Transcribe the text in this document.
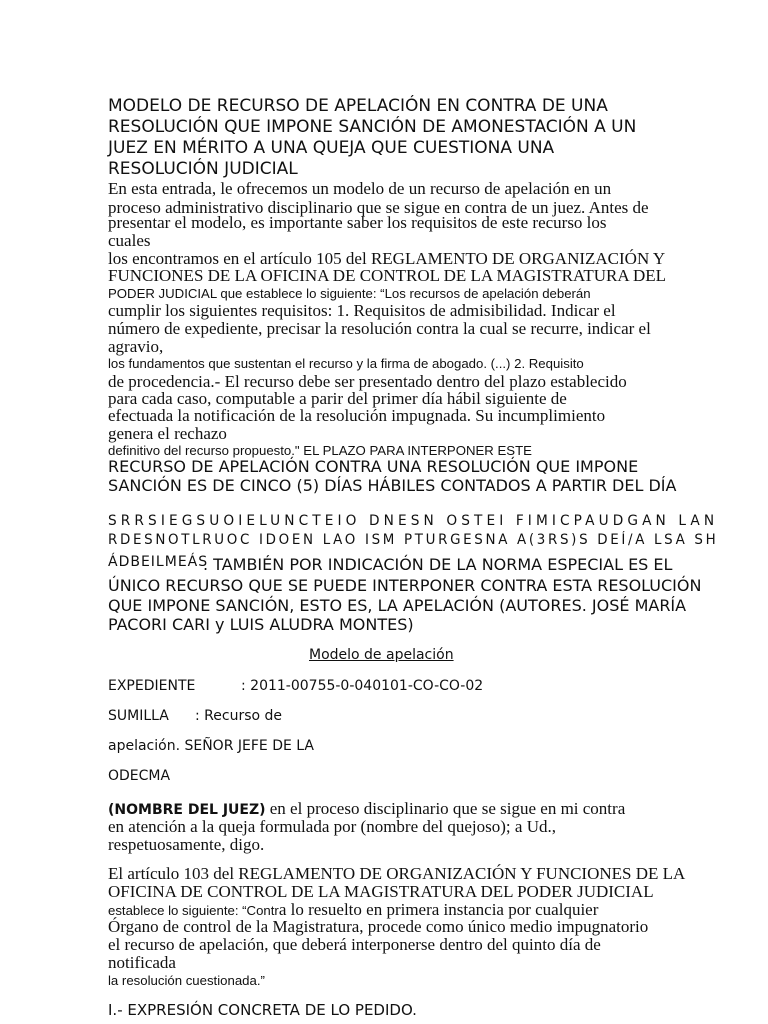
MODELO DE RECURSO DE APELACIÓN EN CONTRA DE UNA
RESOLUCIÓN QUE IMPONE SANCIÓN DE AMONESTACIÓN A UN
JUEZ EN MÉRITO A UNA QUEJA QUE CUESTIONA UNA
RESOLUCIÓN JUDICIAL
En esta entrada, le ofrecemos un modelo de un recurso de apelación en un
proceso administrativo disciplinario que se sigue en contra de un juez. Antes de
presentar el modelo, es importante saber los requisitos de este recurso los
cuales
los encontramos en el artículo 105 del REGLAMENTO DE ORGANIZACIÓN Y
FUNCIONES DE LA OFICINA DE CONTROL DE LA MAGISTRATURA DEL
PODER JUDICIAL que establece lo siguiente: “Los recursos de apelación deberán
cumplir los siguientes requisitos: 1. Requisitos de admisibilidad. Indicar el
número de expediente, precisar la resolución contra la cual se recurre, indicar el
agravio,
los fundamentos que sustentan el recurso y la firma de abogado. (...) 2. Requisito
de procedencia.- El recurso debe ser presentado dentro del plazo establecido
para cada caso, computable a parir del primer día hábil siguiente de
efectuada la notificación de la resolución impugnada. Su incumplimiento
genera el rechazo
definitivo del recurso propuesto." EL PLAZO PARA INTERPONER ESTE
RECURSO DE APELACIÓN CONTRA UNA RESOLUCIÓN QUE IMPONE
SANCIÓN ES DE CINCO (5) DÍAS HÁBILES CONTADOS A PARTIR DEL DÍA
SRRSIEGSUOIELUNCTEIO DNESN OSTEI FIMICPAUDGAN LAN
RDESNOTLRUOC IDOEN LAO ISM PTURGESNA A(3RS)S DEÍ/A LSA SH
ÁDBEILMEÁS
. TAMBIÉN POR INDICACIÓN DE LA NORMA ESPECIAL ES EL
ÚNICO RECURSO QUE SE PUEDE INTERPONER CONTRA ESTA RESOLUCIÓN
QUE IMPONE SANCIÓN, ESTO ES, LA APELACIÓN (AUTORES. JOSÉ MARÍA
PACORI CARI y LUIS ALUDRA MONTES)
Modelo de apelación
EXPEDIENTE	: 2011-00755-0-040101-CO-CO-02
SUMILLA : Recurso de
apelación. SEÑOR JEFE DE LA
ODECMA
(NOMBRE DEL JUEZ) en el proceso disciplinario que se sigue en mi contra
en atención a la queja formulada por (nombre del quejoso); a Ud.,
respetuosamente, digo.
El artículo 103 del REGLAMENTO DE ORGANIZACIÓN Y FUNCIONES DE LA
OFICINA DE CONTROL DE LA MAGISTRATURA DEL PODER JUDICIAL
establece lo siguiente: “Contra lo resuelto en primera instancia por cualquier
Órgano de control de la Magistratura, procede como único medio impugnatorio
el recurso de apelación, que deberá interponerse dentro del quinto día de
notificada
la resolución cuestionada.”
I.- EXPRESIÓN CONCRETA DE LO PEDIDO.
